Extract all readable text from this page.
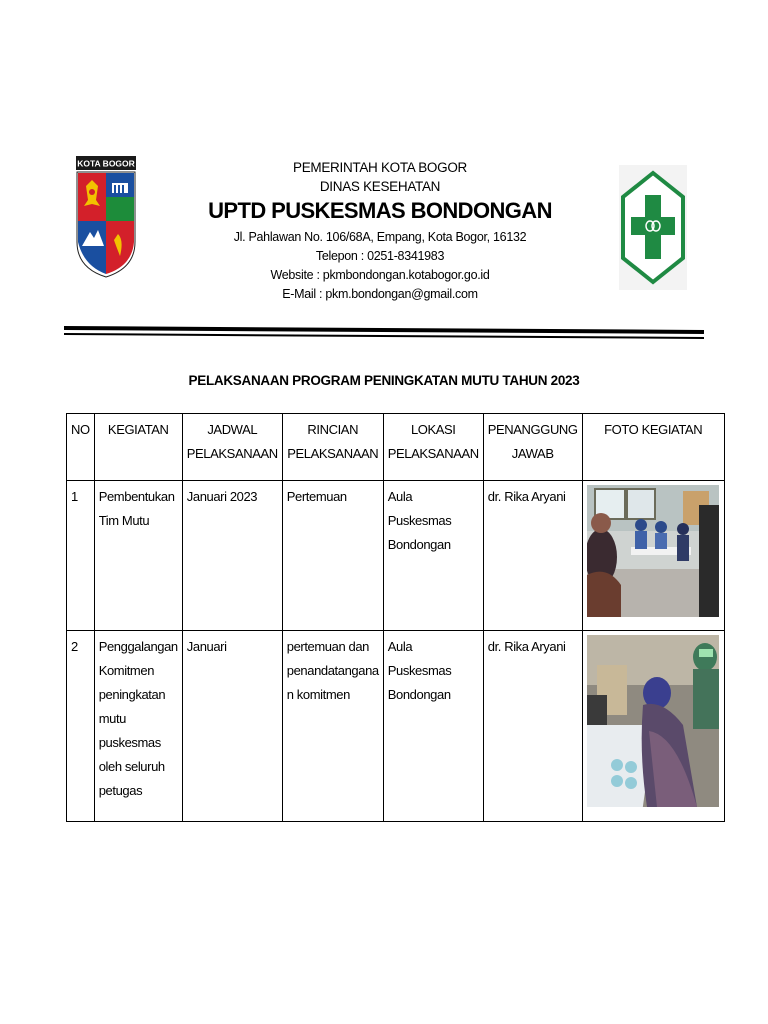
KOTA BOGOR	PEMERINTAH KOTA BOGOR
DINAS KESEHATAN
UPTD PUSKESMAS BONDONGAN
Jl. Pahlawan No. 106/68A, Empang, Kota Bogor, 16132
Telepon : 0251-8341983
Website : pkmbondongan.kotabogor.go.id
E-Mail : pkm.bondongan@gmail.com
PELAKSANAAN PROGRAM PENINGKATAN MUTU TAHUN 2023
NO	KEGIATAN	JADWAL PELAKSANAAN	RINCIAN PELAKSANAAN	LOKASI PELAKSANAAN	PENANGGUNG JAWAB	FOTO KEGIATAN
1	Pembentukan Tim Mutu	Januari 2023	Pertemuan	Aula Puskesmas Bondongan	dr. Rika Aryani	

2	Penggalangan Komitmen peningkatan mutu puskesmas oleh seluruh petugas	Januari	pertemuan dan penandatangana n komitmen	Aula Puskesmas Bondongan	dr. Rika Aryani	
